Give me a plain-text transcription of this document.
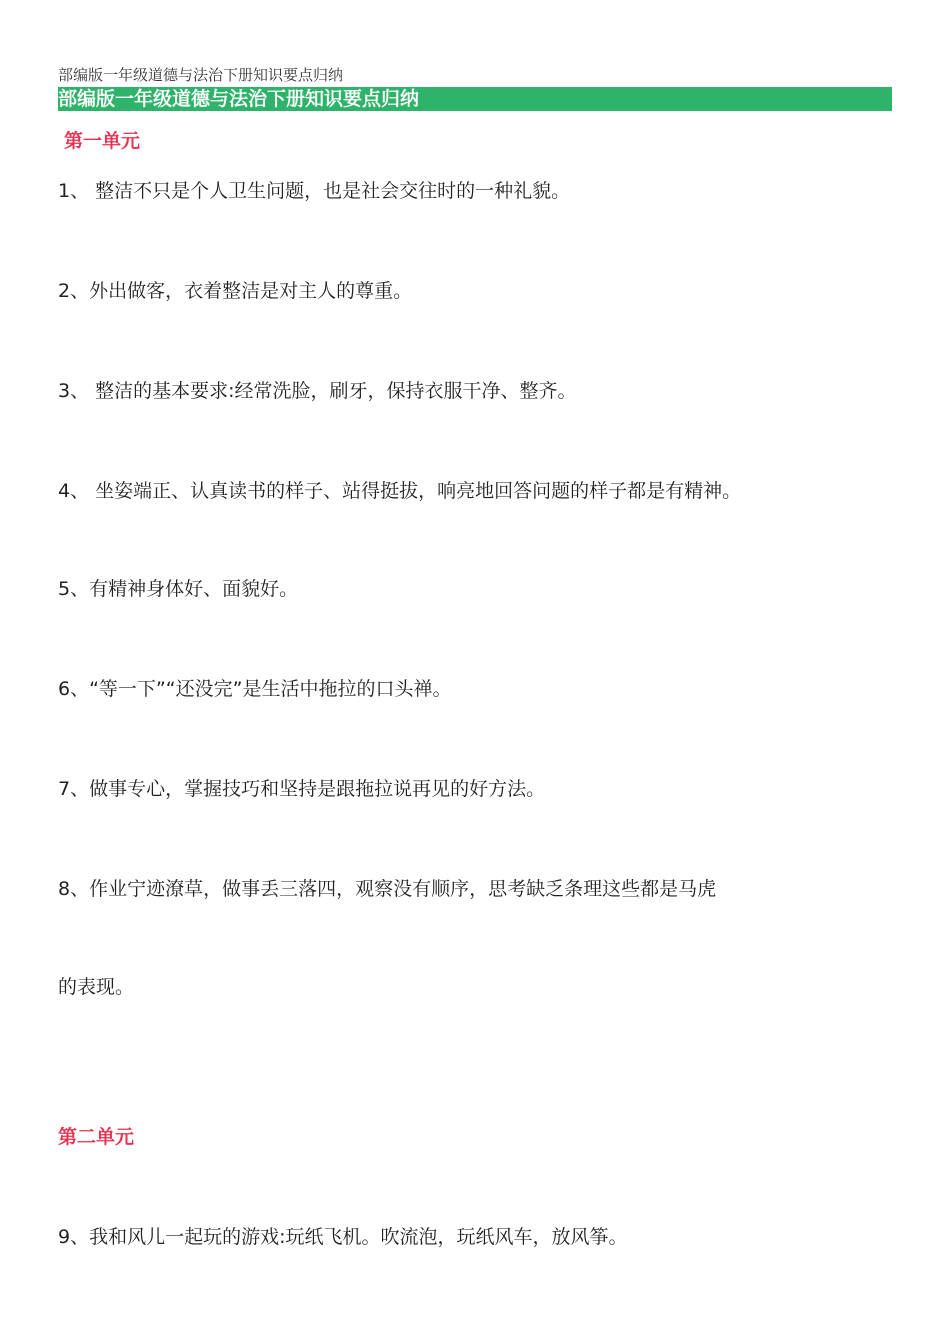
部编版一年级道德与法治下册知识要点归纳
部编版一年级道德与法治下册知识要点归纳
第一单元
1、 整洁不只是个人卫生问题，也是社会交往时的一种礼貌。
2、外出做客，衣着整洁是对主人的尊重。
3、 整洁的基本要求:经常洗脸，刷牙，保持衣服干净、整齐。
4、 坐姿端正、认真读书的样子、站得挺拔，响亮地回答问题的样子都是有精神。
5、有精神身体好、面貌好。
6、“等一下”“还没完”是生活中拖拉的口头禅。
7、做事专心，掌握技巧和坚持是跟拖拉说再见的好方法。
8、作业宁迹潦草，做事丢三落四，观察没有顺序，思考缺乏条理这些都是马虎
的表现。
第二单元
9、我和风儿一起玩的游戏:玩纸飞机。吹流泡，玩纸风车，放风筝。
